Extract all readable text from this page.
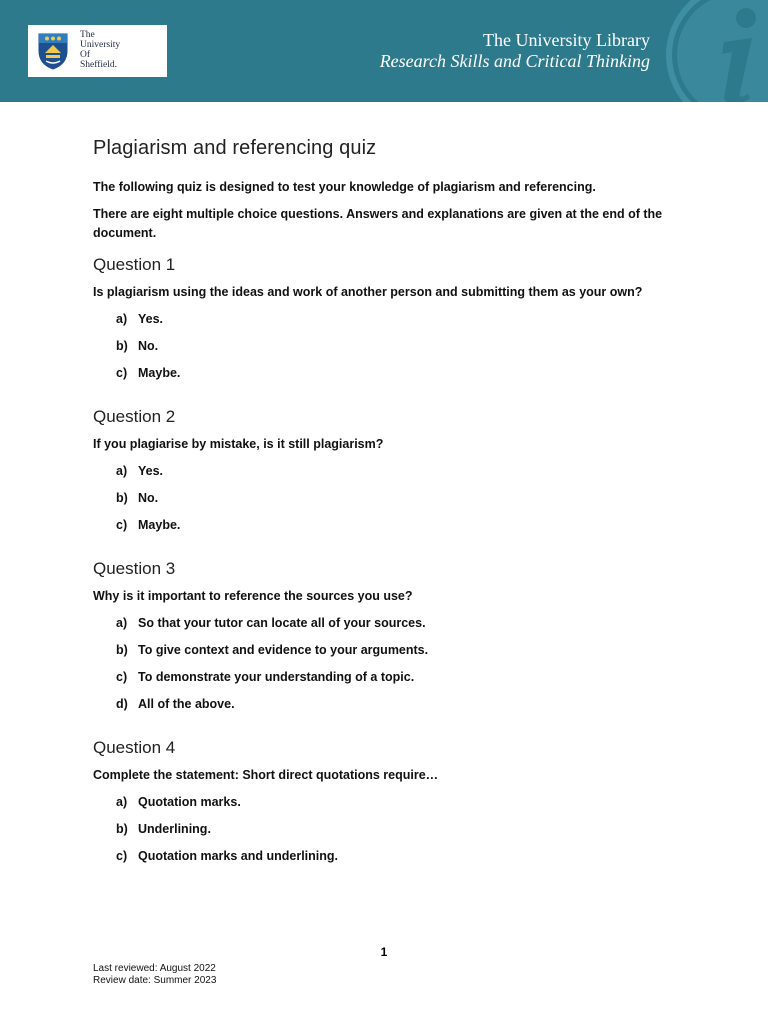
The
University
Of
Sheffield.
The University Library
Research Skills and Critical Thinking
Plagiarism and referencing quiz

The following quiz is designed to test your knowledge of plagiarism and referencing.

There are eight multiple choice questions. Answers and explanations are given at the end of the document.

Question 1

Is plagiarism using the ideas and work of another person and submitting them as your own?

a) Yes.
b) No.
c) Maybe.
Question 2

If you plagiarise by mistake, is it still plagiarism?

a) Yes.
b) No.
c) Maybe.
Question 3

Why is it important to reference the sources you use?

a) So that your tutor can locate all of your sources.
b) To give context and evidence to your arguments.
c) To demonstrate your understanding of a topic.
d) All of the above.
Question 4

Complete the statement: Short direct quotations require…

a) Quotation marks.
b) Underlining.
c) Quotation marks and underlining.
1
Last reviewed: August 2022
Review date: Summer 2023
